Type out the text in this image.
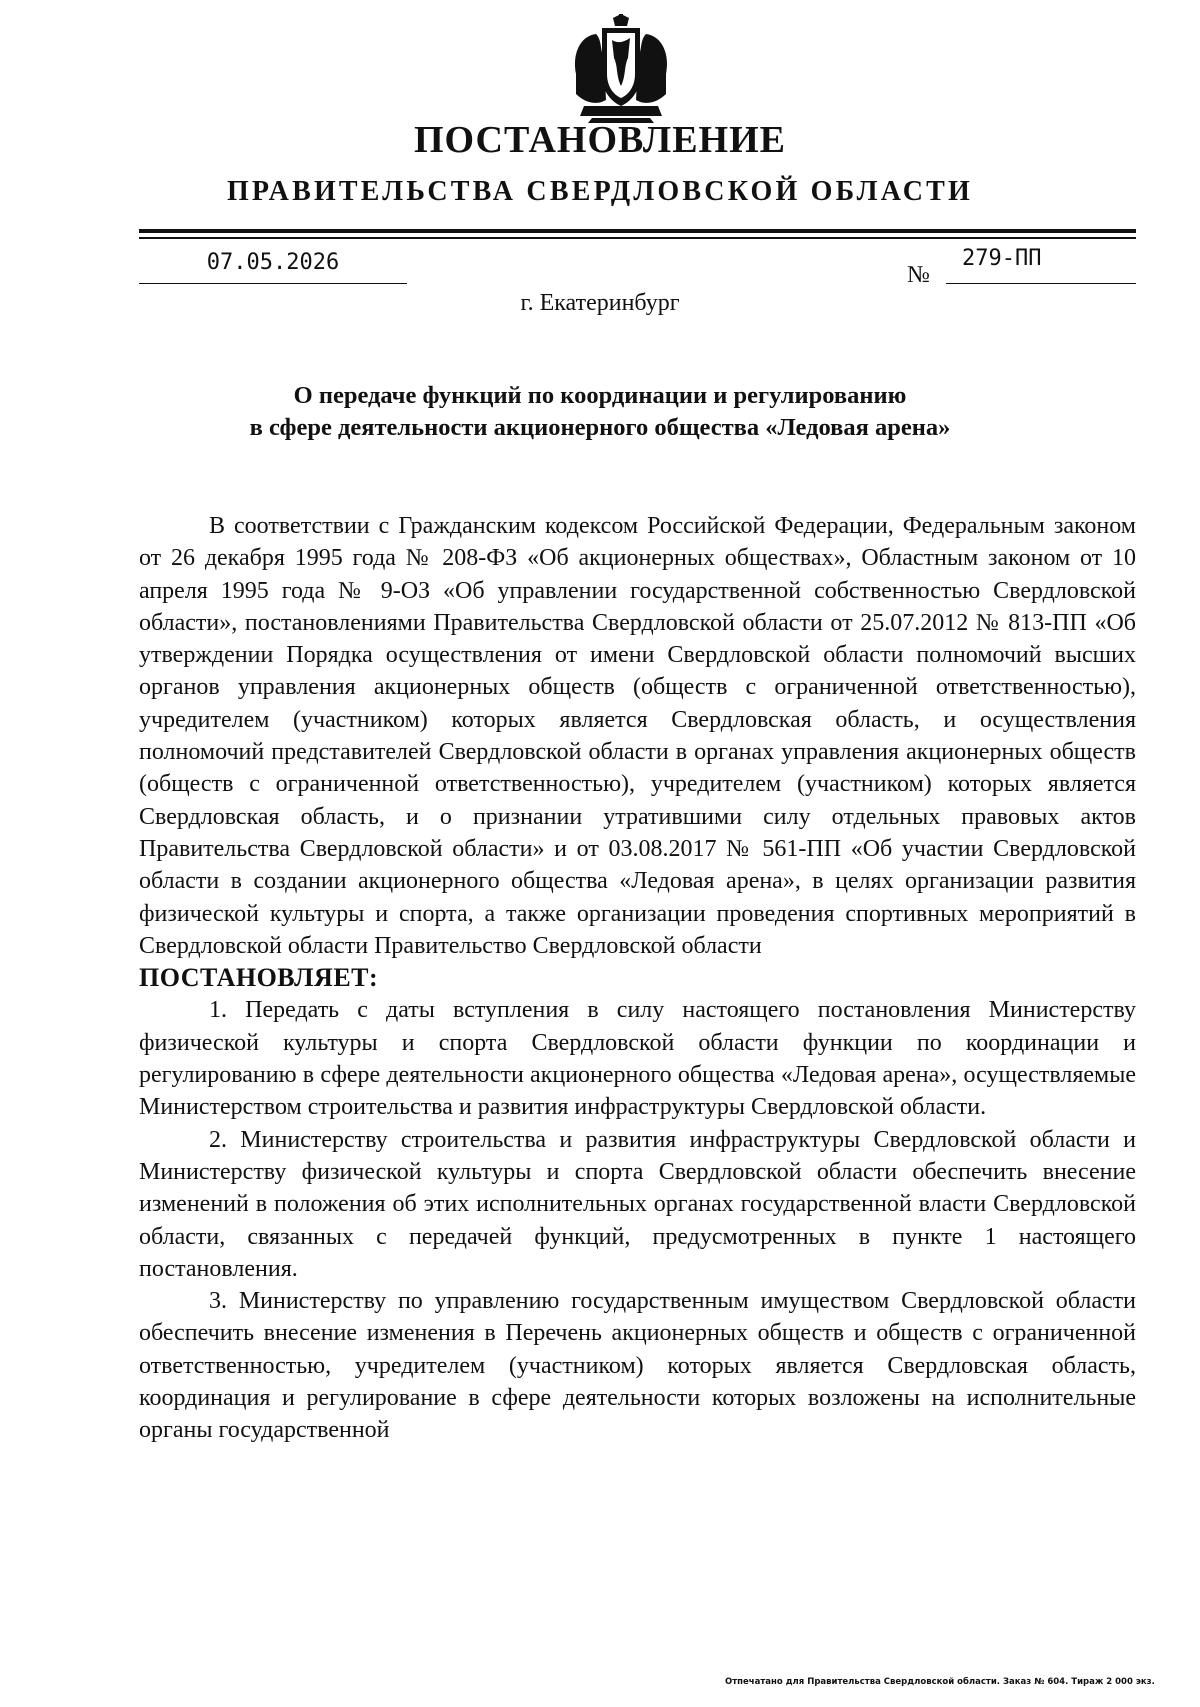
ПОСТАНОВЛЕНИЕ
ПРАВИТЕЛЬСТВА СВЕРДЛОВСКОЙ ОБЛАСТИ
07.05.2026	№
279-ПП
г. Екатеринбург
О передаче функций по координации и регулированию
в сфере деятельности акционерного общества «Ледовая арена»

В соответствии с Гражданским кодексом Российской Федерации, Федеральным законом от 26 декабря 1995 года № 208-ФЗ «Об акционерных обществах», Областным законом от 10 апреля 1995 года № 9-ОЗ «Об управлении государственной собственностью Свердловской области», постановлениями Правительства Свердловской области от 25.07.2012 № 813-ПП «Об утверждении Порядка осуществления от имени Свердловской области полномочий высших органов управления акционерных обществ (обществ с ограниченной ответственностью), учредителем (участником) которых является Свердловская область, и осуществления полномочий представителей Свердловской области в органах управления акционерных обществ (обществ с ограниченной ответственностью), учредителем (участником) которых является Свердловская область, и о признании утратившими силу отдельных правовых актов Правительства Свердловской области» и от 03.08.2017 № 561-ПП «Об участии Свердловской области в создании акционерного общества «Ледовая арена», в целях организации развития физической культуры и спорта, а также организации проведения спортивных мероприятий в Свердловской области Правительство Свердловской области

ПОСТАНОВЛЯЕТ:

1. Передать с даты вступления в силу настоящего постановления Министерству физической культуры и спорта Свердловской области функции по координации и регулированию в сфере деятельности акционерного общества «Ледовая арена», осуществляемые Министерством строительства и развития инфраструктуры Свердловской области.

2. Министерству строительства и развития инфраструктуры Свердловской области и Министерству физической культуры и спорта Свердловской области обеспечить внесение изменений в положения об этих исполнительных органах государственной власти Свердловской области, связанных с передачей функций, предусмотренных в пункте 1 настоящего постановления.

3. Министерству по управлению государственным имуществом Свердловской области обеспечить внесение изменения в Перечень акционерных обществ и обществ с ограниченной ответственностью, учредителем (участником) которых является Свердловская область, координация и регулирование в сфере деятельности которых возложены на исполнительные органы государственной

Отпечатано для Правительства Свердловской области. Заказ № 604. Тираж 2 000 экз.
